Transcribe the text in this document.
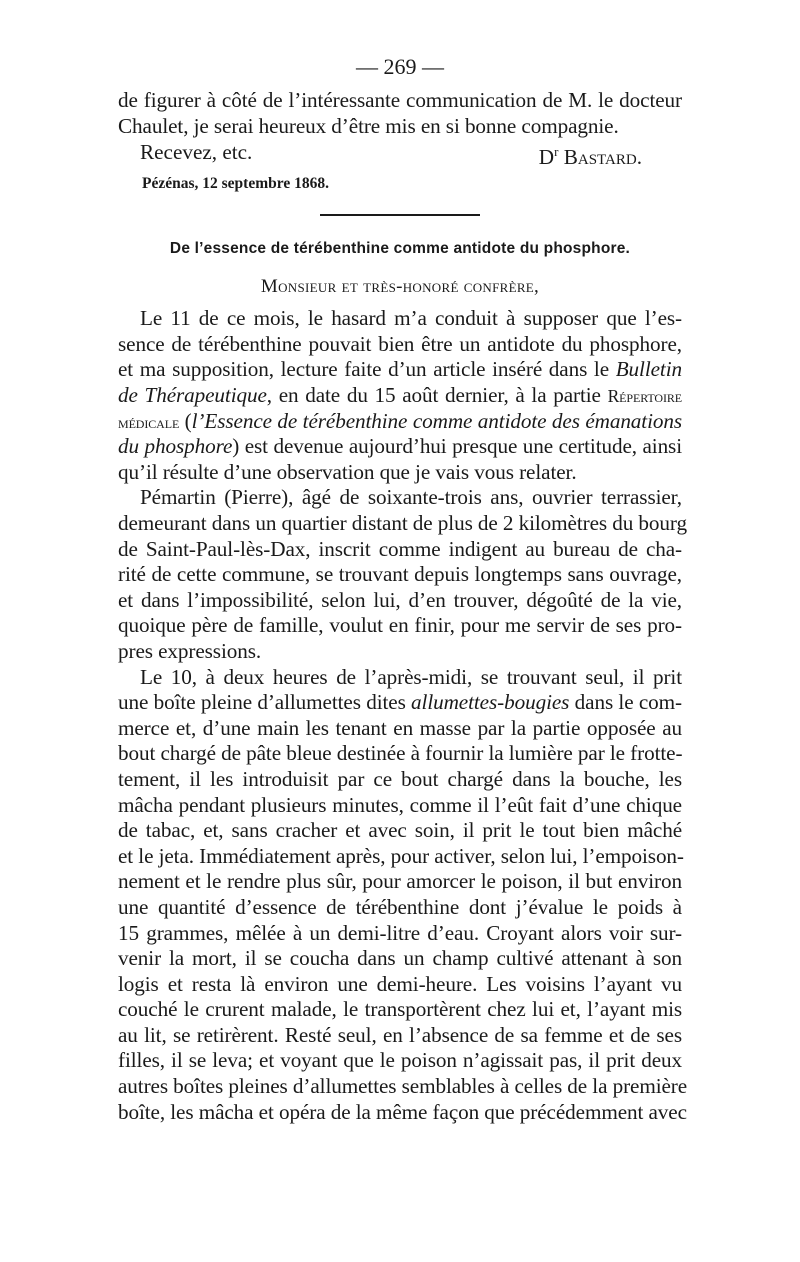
— 269 —
de figurer à côté de l’intéressante communication de M. le docteur
Chaulet, je serai heureux d’être mis en si bonne compagnie.
Recevez, etc.	$D^r$ Bastard.
Pézénas, 12 septembre 1868.
De l’essence de térébenthine comme antidote du phosphore.
Monsieur et très-honoré confrère,
Le 11 de ce mois, le hasard m’a conduit à supposer que l’es-
sence de térébenthine pouvait bien être un antidote du phosphore,
et ma supposition, lecture faite d’un article inséré dans le Bulletin
de Thérapeutique, en date du 15 août dernier, à la partie Répertoire
médicale (l’Essence de térébenthine comme antidote des émanations
du phosphore) est devenue aujourd’hui presque une certitude, ainsi
qu’il résulte d’une observation que je vais vous relater.
Pémartin (Pierre), âgé de soixante-trois ans, ouvrier terrassier,
demeurant dans un quartier distant de plus de 2 kilomètres du bourg
de Saint-Paul-lès-Dax, inscrit comme indigent au bureau de cha-
rité de cette commune, se trouvant depuis longtemps sans ouvrage,
et dans l’impossibilité, selon lui, d’en trouver, dégoûté de la vie,
quoique père de famille, voulut en finir, pour me servir de ses pro-
pres expressions.
Le 10, à deux heures de l’après-midi, se trouvant seul, il prit
une boîte pleine d’allumettes dites allumettes-bougies dans le com-
merce et, d’une main les tenant en masse par la partie opposée au
bout chargé de pâte bleue destinée à fournir la lumière par le frotte-
tement, il les introduisit par ce bout chargé dans la bouche, les
mâcha pendant plusieurs minutes, comme il l’eût fait d’une chique
de tabac, et, sans cracher et avec soin, il prit le tout bien mâché
et le jeta. Immédiatement après, pour activer, selon lui, l’empoison-
nement et le rendre plus sûr, pour amorcer le poison, il but environ
une quantité d’essence de térébenthine dont j’évalue le poids à
15 grammes, mêlée à un demi-litre d’eau. Croyant alors voir sur-
venir la mort, il se coucha dans un champ cultivé attenant à son
logis et resta là environ une demi-heure. Les voisins l’ayant vu
couché le crurent malade, le transportèrent chez lui et, l’ayant mis
au lit, se retirèrent. Resté seul, en l’absence de sa femme et de ses
filles, il se leva; et voyant que le poison n’agissait pas, il prit deux
autres boîtes pleines d’allumettes semblables à celles de la première
boîte, les mâcha et opéra de la même façon que précédemment avec
